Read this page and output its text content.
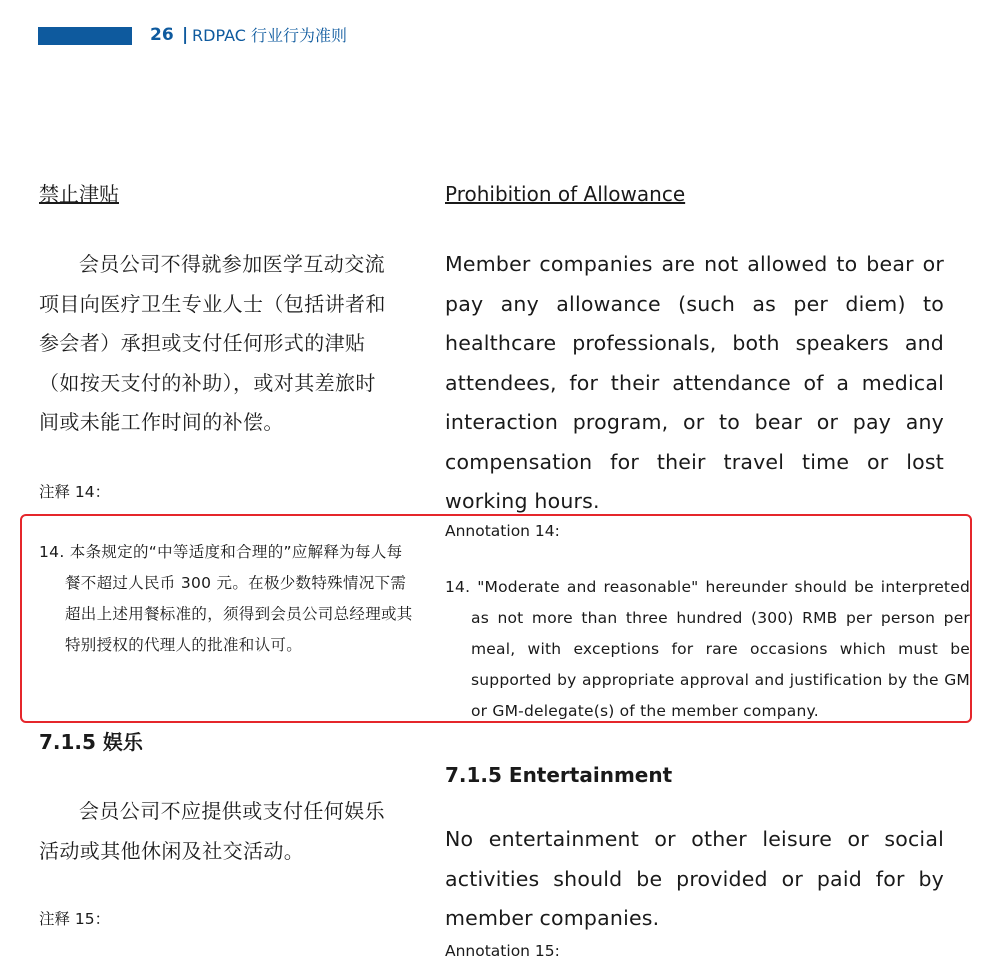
26 | RDPAC 行业行为准则
禁止津贴
会员公司不得就参加医学互动交流项目向医疗卫生专业人士（包括讲者和参会者）承担或支付任何形式的津贴（如按天支付的补助），或对其差旅时间或未能工作时间的补偿。
注释 14：
14. 本条规定的“中等适度和合理的”应解释为每人每餐不超过人民币 300 元。在极少数特殊情况下需超出上述用餐标准的，须得到会员公司总经理或其特别授权的代理人的批准和认可。
7.1.5 娱乐
会员公司不应提供或支付任何娱乐活动或其他休闲及社交活动。
注释 15：
Prohibition of Allowance
Member companies are not allowed to bear or pay any allowance (such as per diem) to healthcare professionals, both speakers and attendees, for their attendance of a medical interaction program, or to bear or pay any compensation for their travel time or lost working hours.
Annotation 14:
14. "Moderate and reasonable" hereunder should be interpreted as not more than three hundred (300) RMB per person per meal, with exceptions for rare occasions which must be supported by appropriate approval and justification by the GM or GM-delegate(s) of the member company.
7.1.5 Entertainment
No entertainment or other leisure or social activities should be provided or paid for by member companies.
Annotation 15:
